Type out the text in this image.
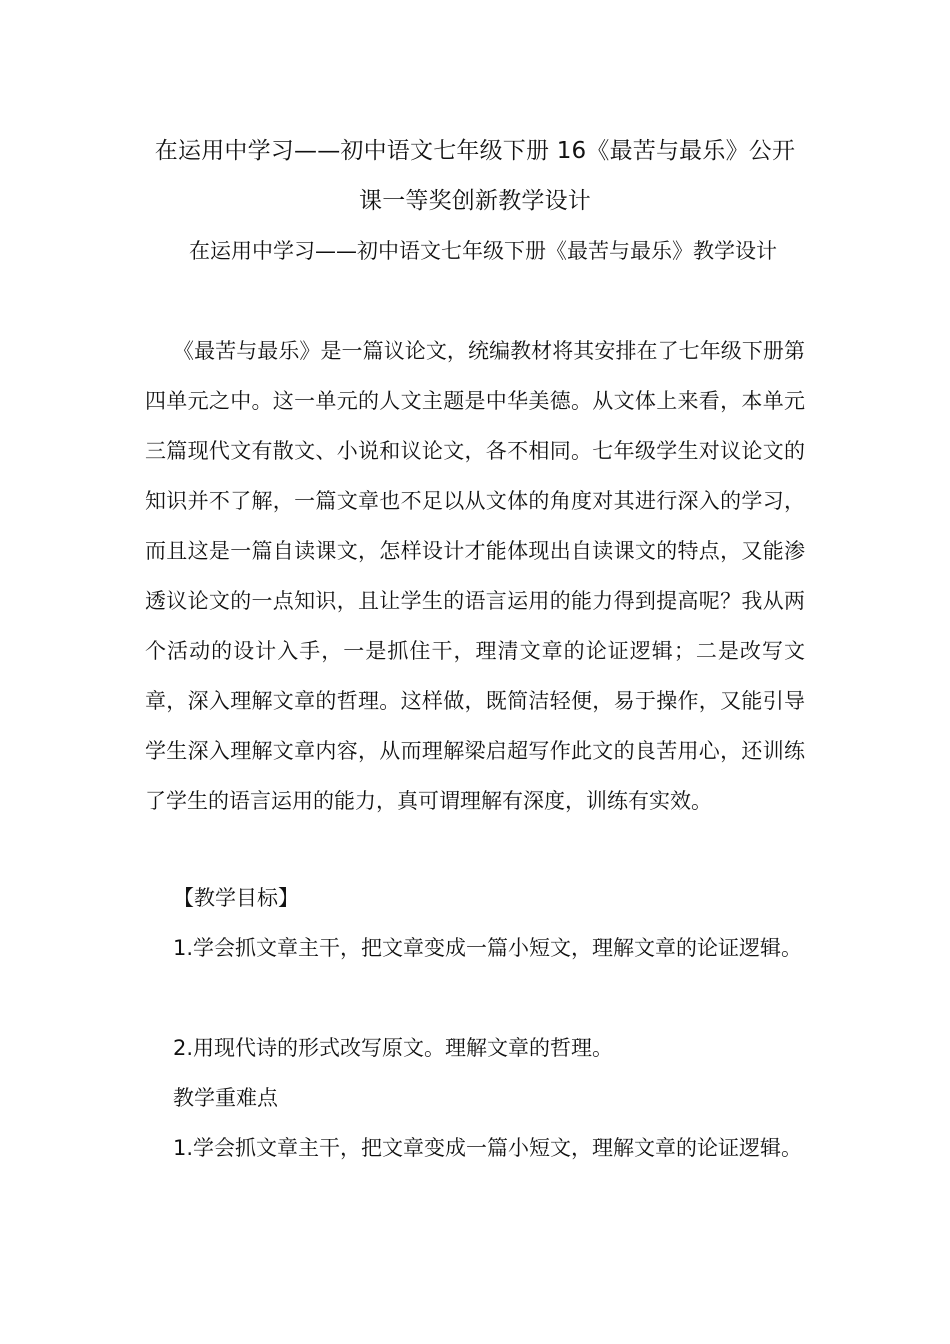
在运用中学习——初中语文七年级下册 16《最苦与最乐》公开课一等奖创新教学设计

在运用中学习——初中语文七年级下册《最苦与最乐》教学设计

《最苦与最乐》是一篇议论文，统编教材将其安排在了七年级下册第四单元之中。这一单元的人文主题是中华美德。从文体上来看，本单元三篇现代文有散文、小说和议论文，各不相同。七年级学生对议论文的知识并不了解，一篇文章也不足以从文体的角度对其进行深入的学习，而且这是一篇自读课文，怎样设计才能体现出自读课文的特点，又能渗透议论文的一点知识，且让学生的语言运用的能力得到提高呢？我从两个活动的设计入手，一是抓住干，理清文章的论证逻辑；二是改写文章，深入理解文章的哲理。这样做，既简洁轻便，易于操作，又能引导学生深入理解文章内容，从而理解梁启超写作此文的良苦用心，还训练了学生的语言运用的能力，真可谓理解有深度，训练有实效。

【教学目标】

1.学会抓文章主干，把文章变成一篇小短文，理解文章的论证逻辑。

2.用现代诗的形式改写原文。理解文章的哲理。

教学重难点

1.学会抓文章主干，把文章变成一篇小短文，理解文章的论证逻辑。
